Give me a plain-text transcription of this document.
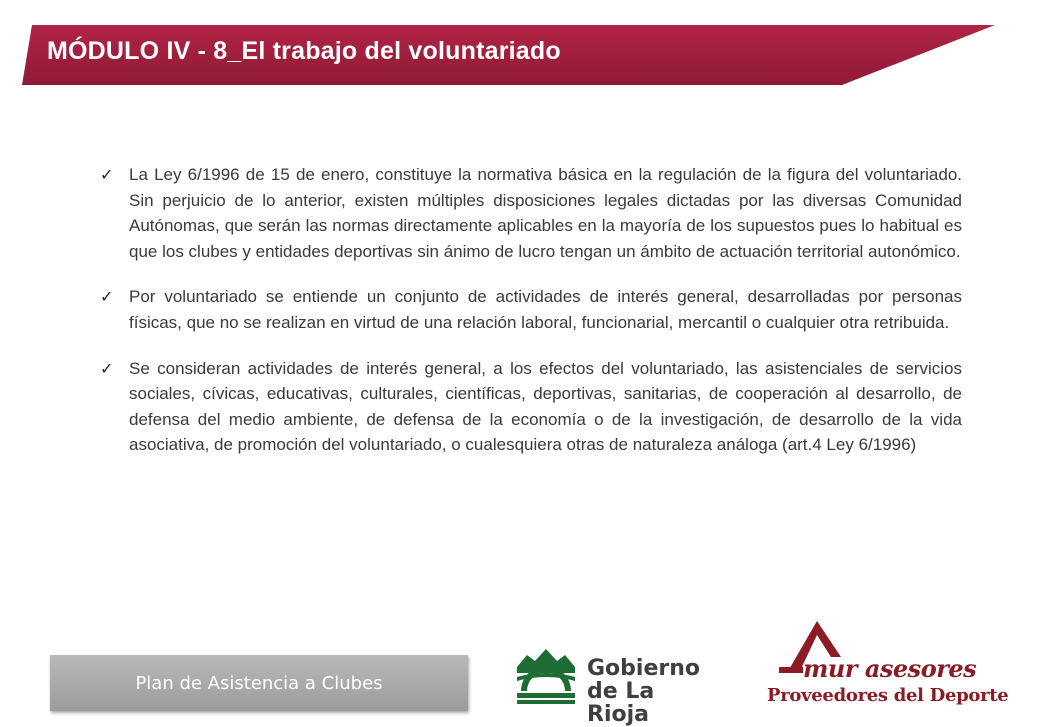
MÓDULO IV - 8_El trabajo del voluntariado
✓ La Ley 6/1996 de 15 de enero, constituye la normativa básica en la regulación de la figura del voluntariado. Sin perjuicio de lo anterior, existen múltiples disposiciones legales dictadas por las diversas Comunidad Autónomas, que serán las normas directamente aplicables en la mayoría de los supuestos pues lo habitual es que los clubes y entidades deportivas sin ánimo de lucro tengan un ámbito de actuación territorial autonómico.

✓ Por voluntariado se entiende un conjunto de actividades de interés general, desarrolladas por personas físicas, que no se realizan en virtud de una relación laboral, funcionarial, mercantil o cualquier otra retribuida.

✓ Se consideran actividades de interés general, a los efectos del voluntariado, las asistenciales de servicios sociales, cívicas, educativas, culturales, científicas, deportivas, sanitarias, de cooperación al desarrollo, de defensa del medio ambiente, de defensa de la economía o de la investigación, de desarrollo de la vida asociativa, de promoción del voluntariado, o cualesquiera otras de naturaleza análoga (art.4 Ley 6/1996)

Plan de Asistencia a Clubes
Gobierno
de La Rioja
mur asesores
Proveedores del Deporte
